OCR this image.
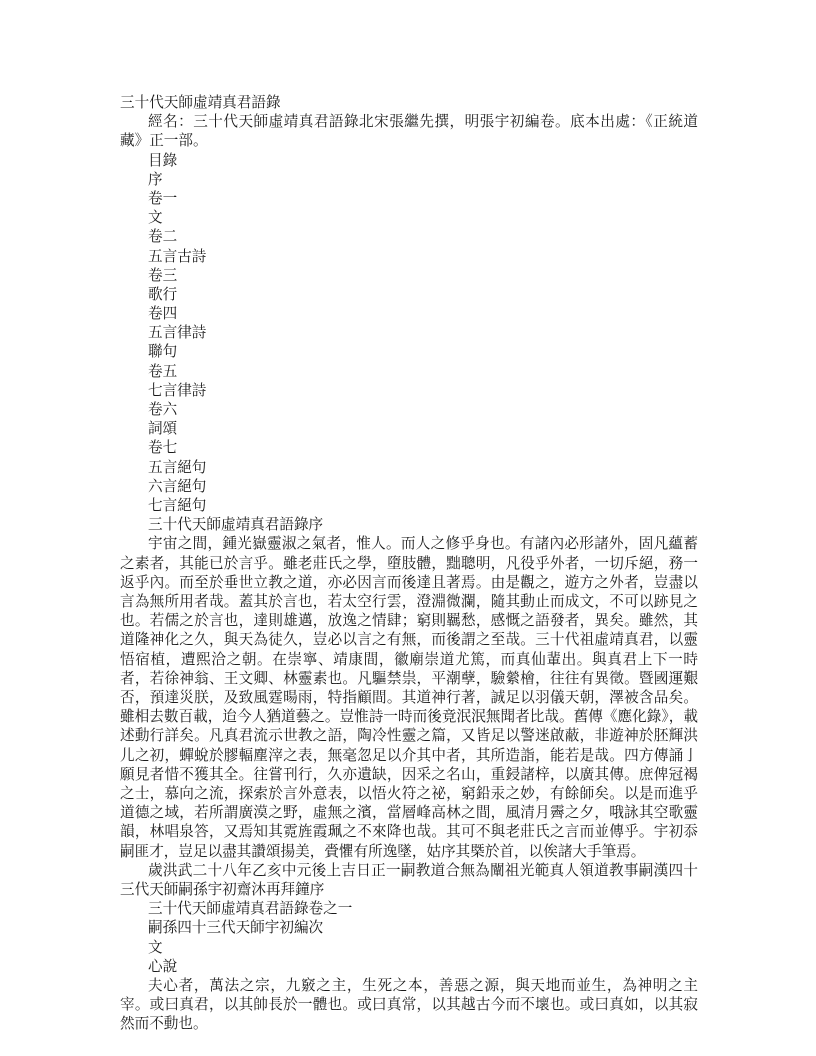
三十代天師虛靖真君語錄
經名：三十代天師虛靖真君語錄北宋張繼先撰，明張宇初編卷。底本出處：《正統道藏》正一部。
目錄
序
卷一
文
卷二
五言古詩
卷三
歌行
卷四
五言律詩
聯句
卷五
七言律詩
卷六
詞頌
卷七
五言絕句
六言絕句
七言絕句
三十代天師虛靖真君語錄序
宇宙之間，鍾光嶽靈淑之氣者，惟人。而人之修乎身也。有諸內必形諸外，固凡蘊蓄之素者，其能已於言乎。雖老莊氏之學，墮肢體，黜聰明，凡役乎外者，一切斥絕，務一返乎內。而至於垂世立教之道，亦必因言而後達且著焉。由是觀之，遊方之外者，豈盡以言為無所用者哉。蓋其於言也，若太空行雲，澄淵微瀾，隨其動止而成文，不可以跡見之也。若儒之於言也，達則雄邁，放逸之情肆；窮則羈愁，感慨之語發者，異矣。雖然，其道隆神化之久，與天為徒久，豈必以言之有無，而後謂之至哉。三十代祖虛靖真君，以靈悟宿植，遭熙洽之朝。在崇寧、靖康間，徽廟崇道尤篤，而真仙輩出。與真君上下一時者，若徐神翁、王文卿、林靈素也。凡驅禁祟，平潮孽，驗縈檜，往往有異徵。暨國運艱否，預達災朕，及致風霆暘雨，特指顧間。其道神行著，誠足以羽儀天朝，澤被含品矣。雖相去數百載，迨今人猶道藝之。豈惟詩一時而後竟泯泯無聞者比哉。舊傳《應化錄》，載述動行詳矣。凡真君流示世教之語，陶冷性靈之篇，又皆足以警迷啟蔽，非遊神於胚輝洪儿之初，蟬蛻於膠輻塵滓之表，無毫忽足以介其中者，其所造詣，能若是哉。四方傳誦亅願見者惜不獲其全。往嘗刊行，久亦遺缺，因采之名山，重鋟諸梓，以廣其傳。庶俾冠褐之士，慕向之流，探索於言外意表，以悟火符之祕，窮鉛汞之妙，有餘師矣。以是而進乎道德之域，若所謂廣漠之野，虛無之濱，當層峰高林之間，風清月霽之夕，哦詠其空歌靈韻，林唱泉答，又焉知其霓旌霞珮之不來降也哉。其可不與老莊氏之言而並傳乎。宇初忝嗣匪才，豈足以盡其讚頌揚美，賫懼有所逸墜，姑序其槩於首，以俟諸大手筆焉。
歲洪武二十八年乙亥中元後上吉日正一嗣教道合無為闡祖光範真人領道教事嗣漢四十三代天師嗣孫宇初齋沐再拜鐘序
三十代天師虛靖真君語錄卷之一
嗣孫四十三代天師宇初編次
文
心說
夫心者，萬法之宗，九竅之主，生死之本，善惡之源，與天地而並生，為神明之主宰。或曰真君，以其帥長於一體也。或曰真常，以其越古今而不壞也。或曰真如，以其寂然而不動也。
